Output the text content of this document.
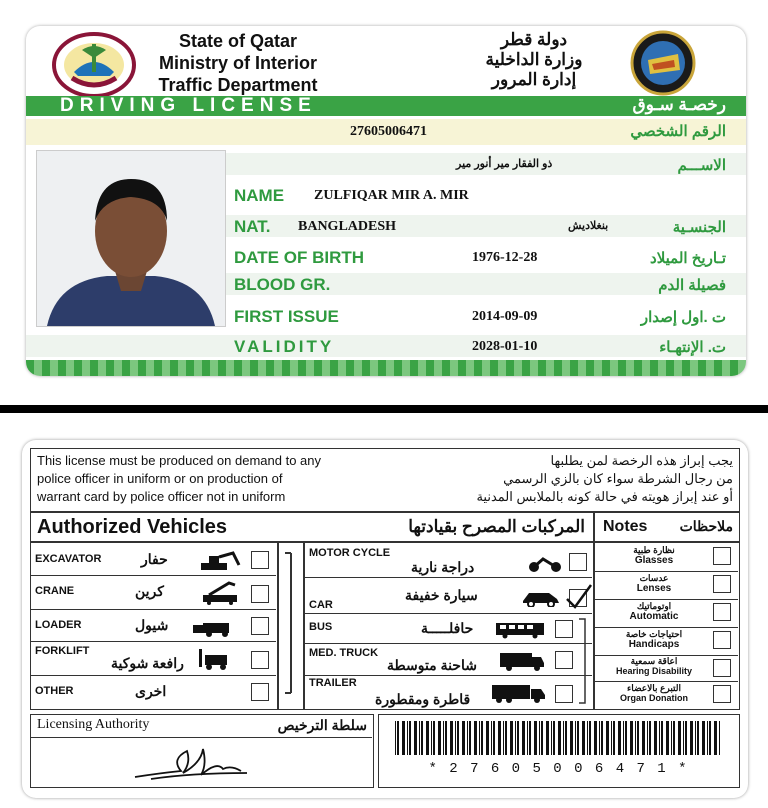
State of Qatar
Ministry of Interior
Traffic Department
دولة قطر
وزارة الداخلية
إدارة المرور
DRIVING LICENSE	رخصـة سـوق
27605006471	الرقم الشخصي
ذو الفقار مير أنور مير	الاســـم
NAME ZULFIQAR MIR A. MIR
NAT. BANGLADESH	بنغلاديش	الجنسـية
DATE OF BIRTH	1976-12-28	تـاريخ الميلاد
BLOOD GR.	فصيلة الدم
FIRST ISSUE	2014-09-09	ت .اول إصدار
VALIDITY	2028-01-10	ت. الإنتهـاء
This license must be produced on demand to any
police officer in uniform or on production of
warrant card by police officer not in uniform
يجب إبراز هذه الرخصة لمن يطلبها
من رجال الشرطة سواء كان بالزي الرسمي
أو عند إبراز هويته في حالة كونه بالملابس المدنية
Authorized Vehicles	المركبات المصرح بقيادتها Notes ملاحظات
EXCAVATOR	حفار
CRANE	كرين
LOADER	شيول
FORKLIFT
رافعة شوكية
OTHER	اخرى
MOTOR CYCLE
دراجة نارية
CAR
سيارة خفيفة
BUS	حافلـــــة
MED. TRUCK
شاحنة متوسطة
TRAILER
قاطرة ومقطورة
نظارة طبية
Glasses
عدسات
Lenses
اوتوماتيك
Automatic
احتياجات خاصة
Handicaps
اعاقة سمعية
Hearing Disability
التبرع بالاعضاء
Organ Donation
Licensing Authority	سلطة الترخيص
* 2 7 6 0 5 0 0 6 4 7 1 *
